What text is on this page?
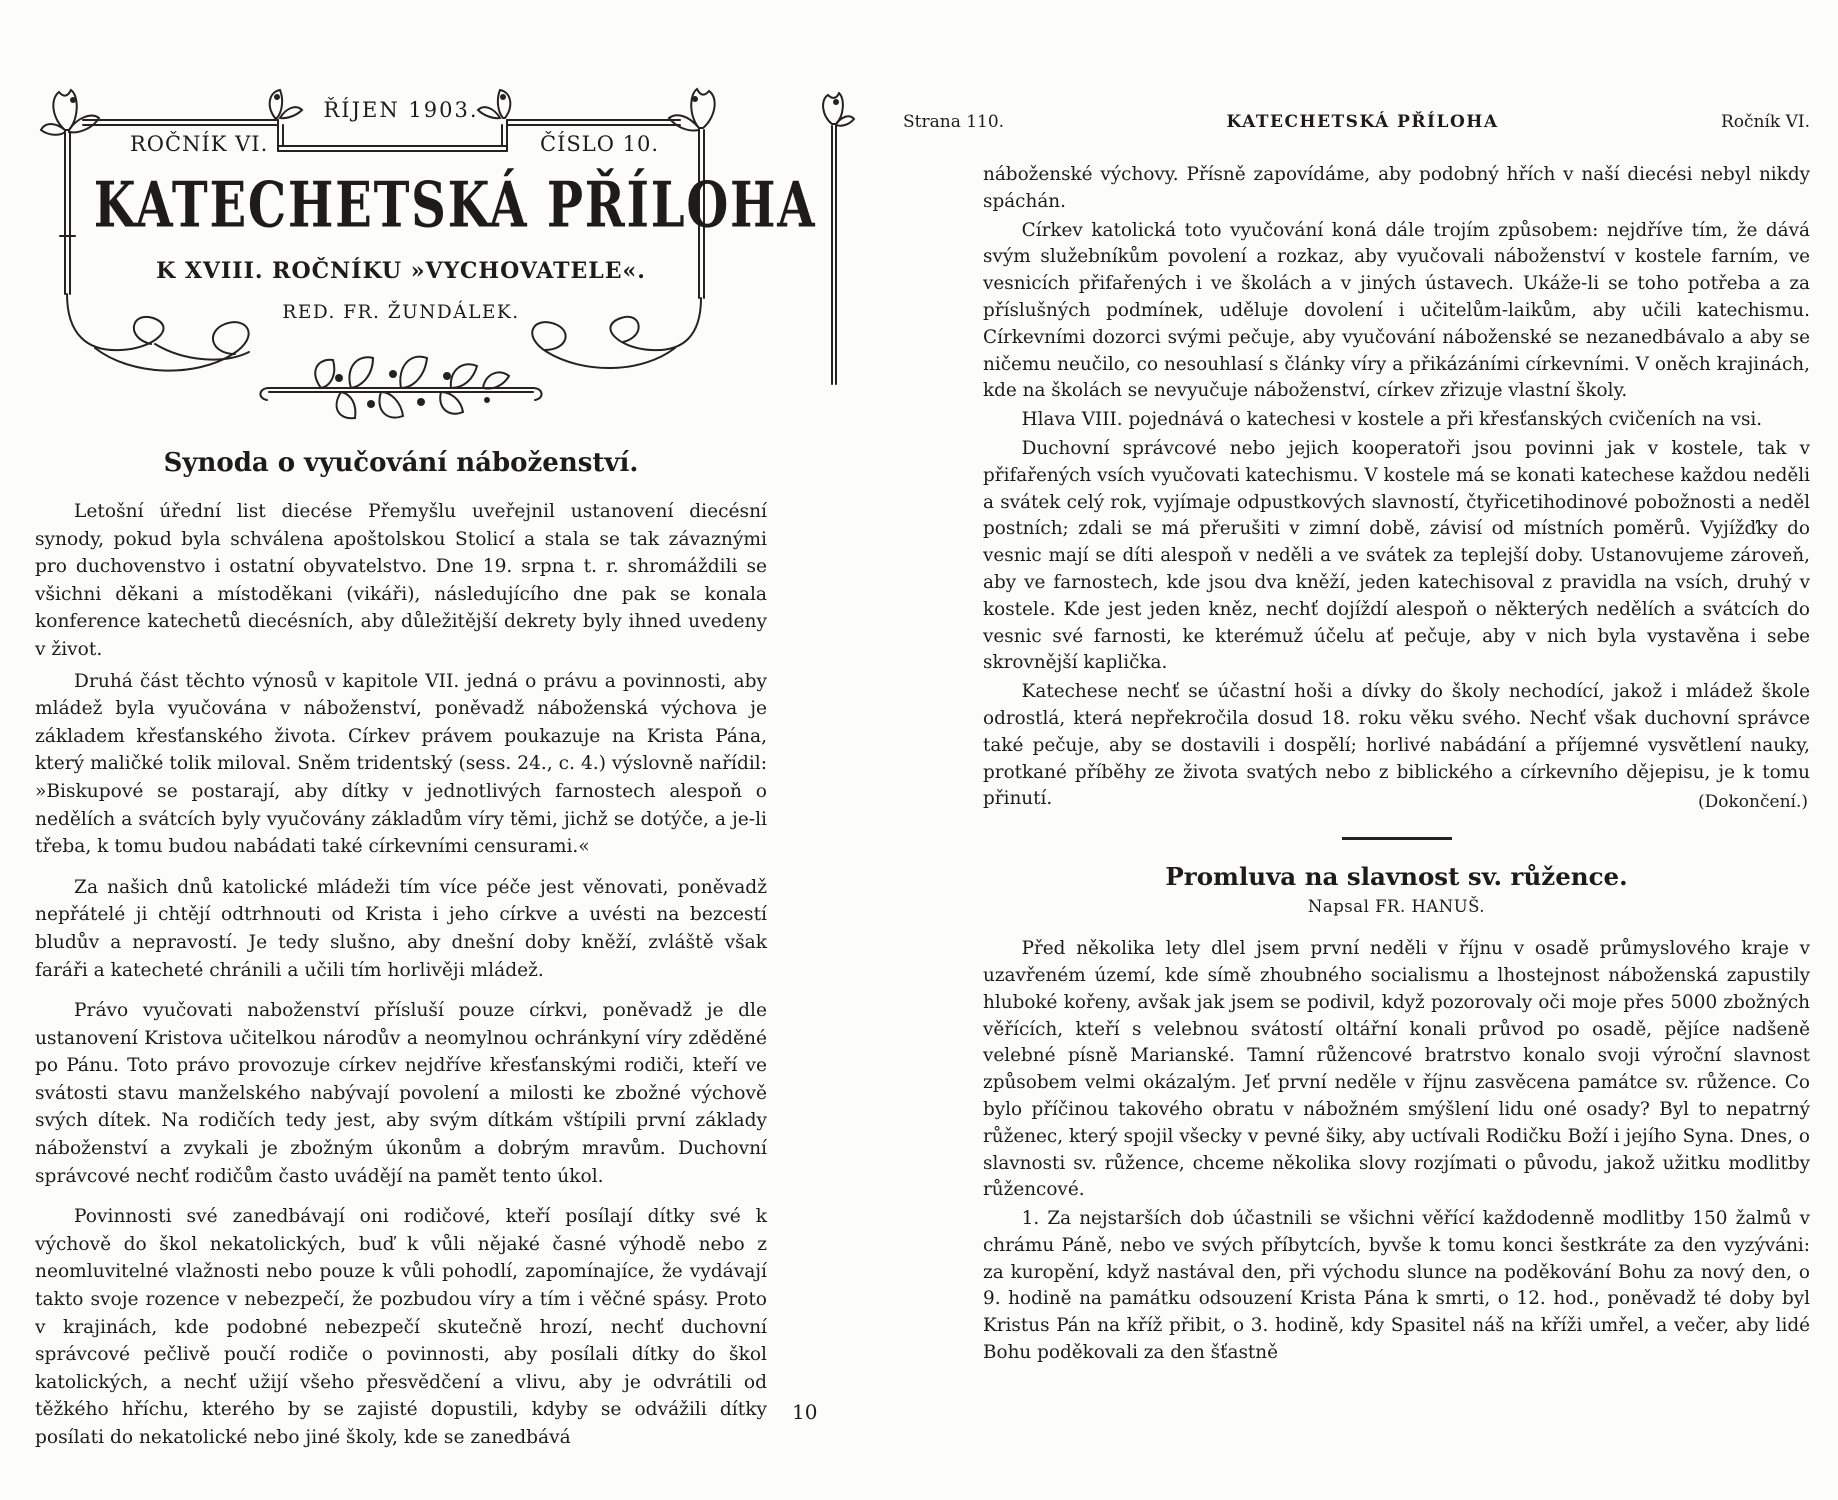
ŘÍJEN 1903.
ROČNÍK VI.	ČÍSLO 10.
KATECHETSKÁ PŘÍLOHA
K XVIII. ROČNÍKU »VYCHOVATELE«.
RED. FR. ŽUNDÁLEK.
Synoda o vyučování náboženství.

Letošní úřední list diecése Přemyšlu uveřejnil ustanovení diecésní synody, pokud byla schválena apoštolskou Stolicí a stala se tak závaznými pro duchovenstvo i ostatní obyvatelstvo. Dne 19. srpna t. r. shromáždili se všichni děkani a místoděkani (vikáři), následujícího dne pak se konala konference katechetů diecésních, aby důležitější dekrety byly ihned uvedeny v život.

Druhá část těchto výnosů v kapitole VII. jedná o právu a povinnosti, aby mládež byla vyučována v náboženství, poněvadž náboženská výchova je základem křesťanského života. Církev právem poukazuje na Krista Pána, který maličké tolik miloval. Sněm tridentský (sess. 24., c. 4.) výslovně nařídil: »Biskupové se postarají, aby dítky v jednotlivých farnostech alespoň o nedělích a svátcích byly vyučovány základům víry těmi, jichž se dotýče, a je-li třeba, k tomu budou nabádati také církevními censurami.«

Za našich dnů katolické mládeži tím více péče jest věnovati, poněvadž nepřátelé ji chtějí odtrhnouti od Krista i jeho církve a uvésti na bezcestí bludův a nepravostí. Je tedy slušno, aby dnešní doby kněží, zvláště však faráři a katecheté chránili a učili tím horlivěji mládež.

Právo vyučovati naboženství přísluší pouze církvi, poněvadž je dle ustanovení Kristova učitelkou národův a neomylnou ochránkyní víry zděděné po Pánu. Toto právo provozuje církev nejdříve křesťanskými rodiči, kteří ve svátosti stavu manželského nabývají povolení a milosti ke zbožné výchově svých dítek. Na rodičích tedy jest, aby svým dítkám vštípili první základy náboženství a zvykali je zbožným úkonům a dobrým mravům. Duchovní správcové nechť rodičům často uvádějí na pamět tento úkol.

Povinnosti své zanedbávají oni rodičové, kteří posílají dítky své k výchově do škol nekatolických, buď k vůli nějaké časné výhodě nebo z neomluvitelné vlažnosti nebo pouze k vůli pohodlí, zapomínajíce, že vydávají takto svoje rozence v nebezpečí, že pozbudou víry a tím i věčné spásy. Proto v krajinách, kde podobné nebezpečí skutečně hrozí, nechť duchovní správcové pečlivě poučí rodiče o povinnosti, aby posílali dítky do škol katolických, a nechť užijí všeho přesvědčení a vlivu, aby je odvrátili od těžkého hříchu, kterého by se zajisté dopustili, kdyby se odvážili dítky posílati do nekatolické nebo jiné školy, kde se zanedbává

10
Strana 110.	KATECHETSKÁ PŘÍLOHA	Ročník VI.

náboženské výchovy. Přísně zapovídáme, aby podobný hřích v naší diecési nebyl nikdy spáchán.

Církev katolická toto vyučování koná dále trojím způsobem: nejdříve tím, že dává svým služebníkům povolení a rozkaz, aby vyučovali náboženství v kostele farním, ve vesnicích přifařených i ve školách a v jiných ústavech. Ukáže-li se toho potřeba a za příslušných podmínek, uděluje dovolení i učitelům-laikům, aby učili katechismu. Církevními dozorci svými pečuje, aby vyučování náboženské se nezanedbávalo a aby se ničemu neučilo, co nesouhlasí s články víry a přikázáními církevními. V oněch krajinách, kde na školách se nevyučuje náboženství, církev zřizuje vlastní školy.

Hlava VIII. pojednává o katechesi v kostele a při křesťanských cvičeních na vsi.

Duchovní správcové nebo jejich kooperatoři jsou povinni jak v kostele, tak v přifařených vsích vyučovati katechismu. V kostele má se konati katechese každou neděli a svátek celý rok, vyjímaje odpustkových slavností, čtyřicetihodinové pobožnosti a neděl postních; zdali se má přerušiti v zimní době, závisí od místních poměrů. Vyjížďky do vesnic mají se díti alespoň v neděli a ve svátek za teplejší doby. Ustanovujeme zároveň, aby ve farnostech, kde jsou dva kněží, jeden katechisoval z pravidla na vsích, druhý v kostele. Kde jest jeden kněz, nechť dojíždí alespoň o některých nedělích a svátcích do vesnic své farnosti, ke kterémuž účelu ať pečuje, aby v nich byla vystavěna i sebe skrovnější kaplička.

Katechese nechť se účastní hoši a dívky do školy nechodící, jakož i mládež škole odrostlá, která nepřekročila dosud 18. roku věku svého. Nechť však duchovní správce také pečuje, aby se dostavili i dospělí; horlivé nabádání a příjemné vysvětlení nauky, protkané příběhy ze života svatých nebo z biblického a církevního dějepisu, je k tomu přinutí.	(Dokončení.)
Promluva na slavnost sv. růžence.

Napsal FR. HANUŠ.

Před několika lety dlel jsem první neděli v říjnu v osadě průmyslového kraje v uzavřeném území, kde símě zhoubného socialismu a lhostejnost náboženská zapustily hluboké kořeny, avšak jak jsem se podivil, když pozorovaly oči moje přes 5000 zbožných věřících, kteří s velebnou svátostí oltářní konali průvod po osadě, pějíce nadšeně velebné písně Marianské. Tamní růžencové bratrstvo konalo svoji výroční slavnost způsobem velmi okázalým. Jeť první neděle v říjnu zasvěcena památce sv. růžence. Co bylo příčinou takového obratu v nábožném smýšlení lidu oné osady? Byl to nepatrný růženec, který spojil všecky v pevné šiky, aby uctívali Rodičku Boží i jejího Syna. Dnes, o slavnosti sv. růžence, chceme několika slovy rozjímati o původu, jakož užitku modlitby růžencové.

1. Za nejstarších dob účastnili se všichni věřící každodenně modlitby 150 žalmů v chrámu Páně, nebo ve svých příbytcích, byvše k tomu konci šestkráte za den vyzýváni: za kuropění, když nastával den, při východu slunce na poděkování Bohu za nový den, o 9. hodině na památku odsouzení Krista Pána k smrti, o 12. hod., poněvadž té doby byl Kristus Pán na kříž přibit, o 3. hodině, kdy Spasitel náš na kříži umřel, a večer, aby lidé Bohu poděkovali za den šťastně
